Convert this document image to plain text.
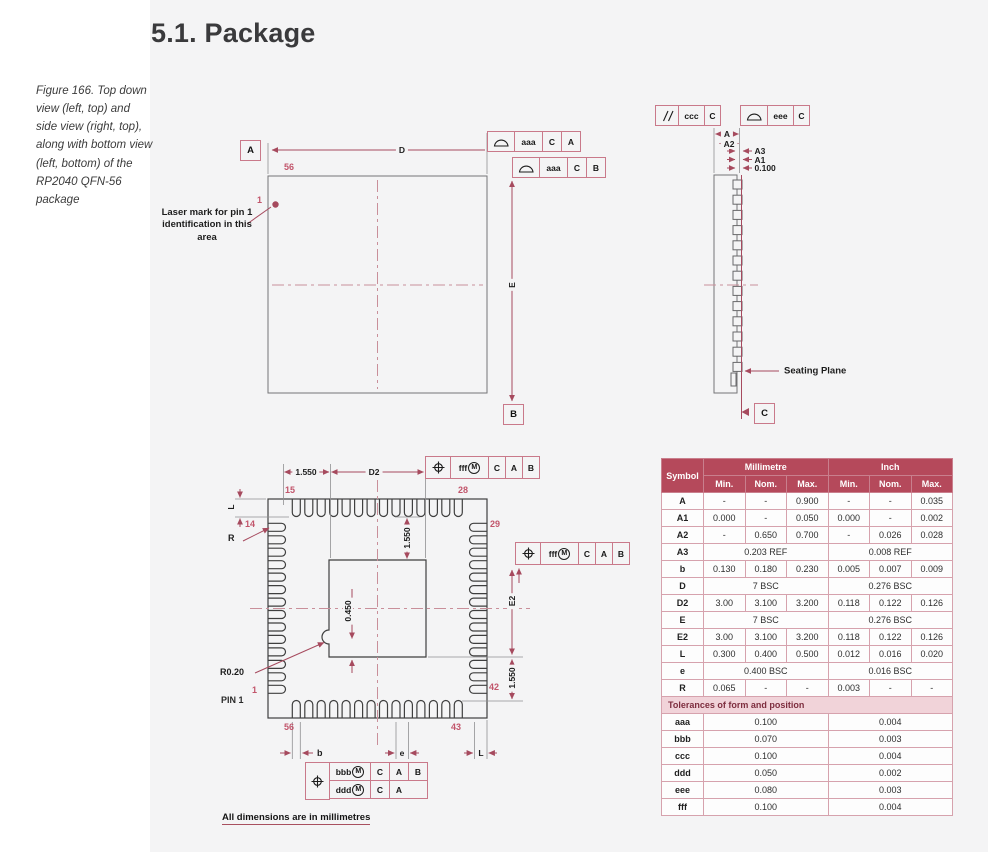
5.1. Package
Figure 166. Top down view (left, top) and side view (right, top), along with bottom view (left, bottom) of the RP2040 QFN-56 package
A
B	C
aaa	C	A
aaa	C	B
ccc	C	eee	C
fff M	C	A	B
fff M	C	A	B
bbb M	C	A	B
ddd M	C	A
D
E
56
1
Laser mark for pin 1 identification in this area
A
A2
A3
A1
0.100
Seating Plane
1.550	D2
L
R	1.550
0.450	E2
1.550
R0.20
PIN 1
15	28
14	29
1	42
56	43
b	e	L
All dimensions are in millimetres
Symbol	Millimetre			Inch		
	Min.	Nom.	Max.	Min.	Nom.	Max.
A	-	-	0.900	-	-	0.035
A1	0.000	-	0.050	0.000	-	0.002
A2	-	0.650	0.700	-	0.026	0.028
A3	0.203 REF			0.008 REF		
b	0.130	0.180	0.230	0.005	0.007	0.009
D	7 BSC			0.276 BSC		
D2	3.00	3.100	3.200	0.118	0.122	0.126
E	7 BSC			0.276 BSC		
E2	3.00	3.100	3.200	0.118	0.122	0.126
L	0.300	0.400	0.500	0.012	0.016	0.020
e	0.400 BSC			0.016 BSC		
R	0.065	-	-	0.003	-	-
Tolerances of form and position						
aaa	0.100			0.004		
bbb	0.070			0.003		
ccc	0.100			0.004		
ddd	0.050			0.002		
eee	0.080			0.003		
fff	0.100			0.004		
